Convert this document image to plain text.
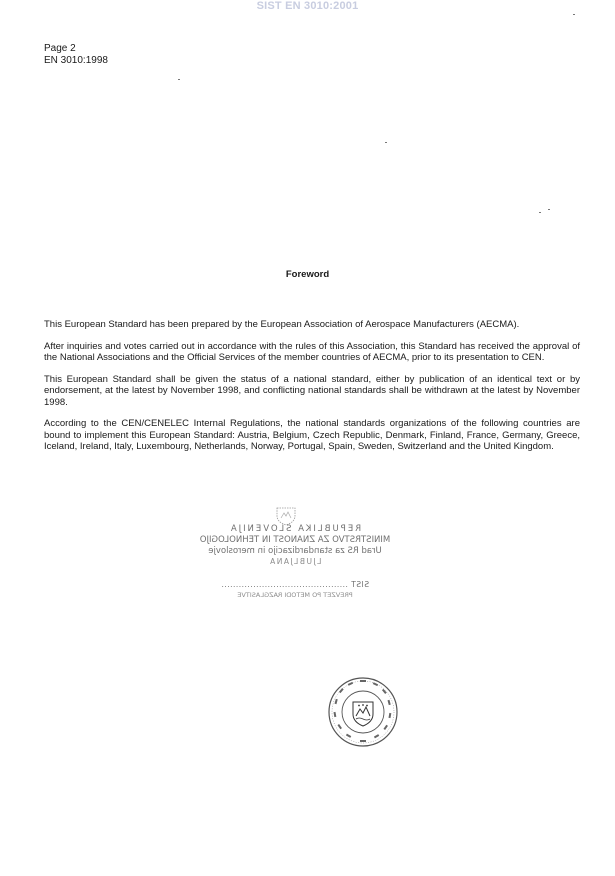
SIST EN 3010:2001
Page 2
EN 3010:1998
Foreword

This European Standard has been prepared by the European Association of Aerospace Manufacturers (AECMA).

After inquiries and votes carried out in accordance with the rules of this Association, this Standard has received the approval of the National Associations and the Official Services of the member countries of AECMA, prior to its presentation to CEN.

This European Standard shall be given the status of a national standard, either by publication of an identical text or by endorsement, at the latest by November 1998, and conflicting national standards shall be withdrawn at the latest by November 1998.

According to the CEN/CENELEC Internal Regulations, the national standards organizations of the following countries are bound to implement this European Standard: Austria, Belgium, Czech Republic, Denmark, Finland, France, Germany, Greece, Iceland, Ireland, Italy, Luxembourg, Netherlands, Norway, Portugal, Spain, Sweden, Switzerland and the United Kingdom.

REPUBLIKA SLOVENIJA
MINISTRSTVO ZA ZNANOST IN TEHNOLOGIJO
Urad RS za standardizacijo in meroslovje
LJUBLJANA
SIST ............................................
PREVZET PO METODI RAZGLASITVE
